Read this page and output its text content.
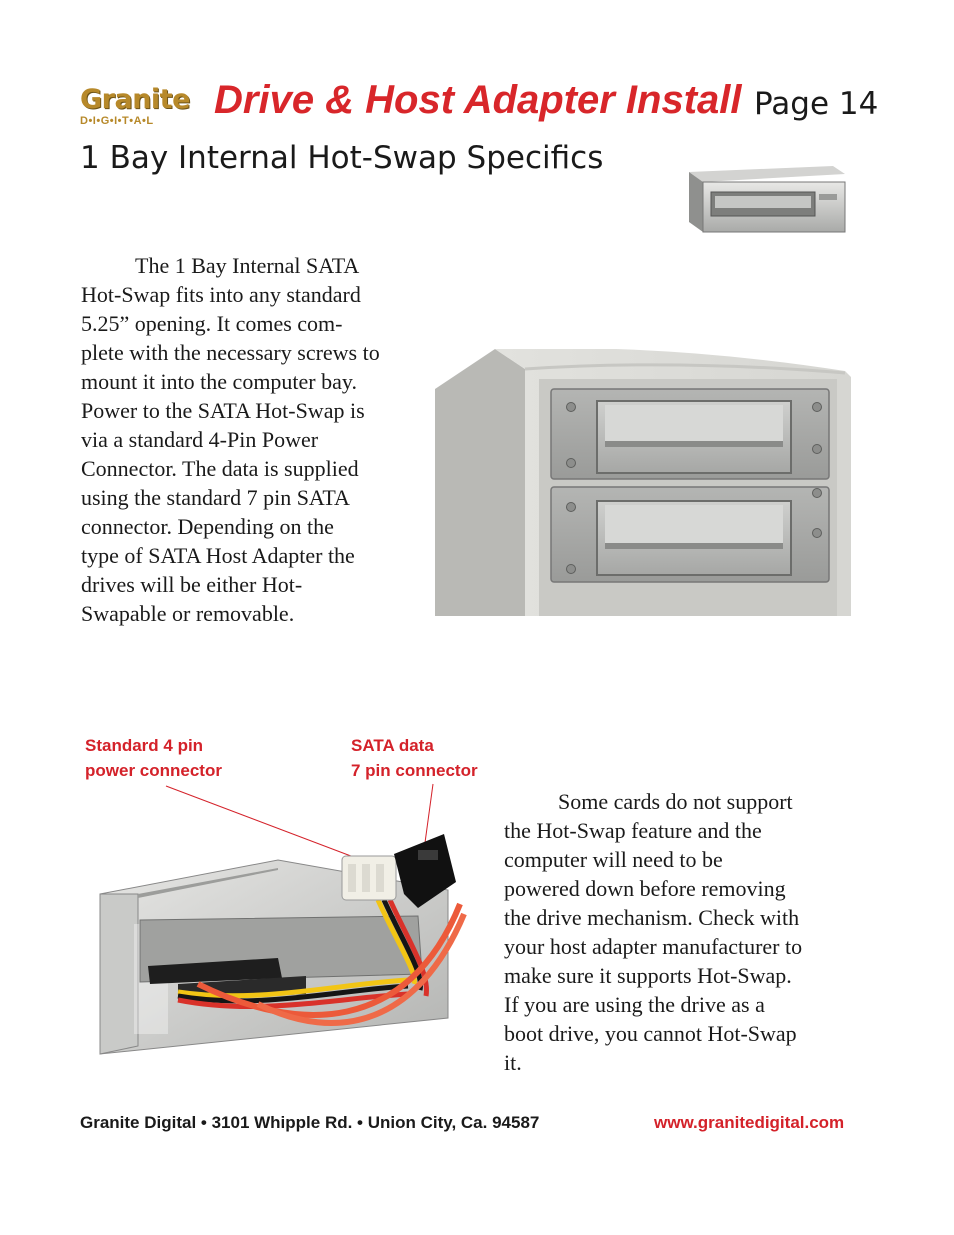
Granite
D•I•G•I•T•A•L	Drive & Host Adapter Install Page 14
1 Bay Internal Hot-Swap Specifics
The 1 Bay Internal SATA
Hot-Swap fits into any standard
5.25” opening. It comes com-
plete with the necessary screws to
mount it into the computer bay.
Power to the SATA Hot-Swap is
via a standard 4-Pin Power
Connector. The data is supplied
using the standard 7 pin SATA
connector. Depending on the
type of SATA Host Adapter the
drives will be either Hot-
Swapable or removable.
Standard 4 pin
power connector
SATA data
7 pin connector
Some cards do not support
the Hot-Swap feature and the
computer will need to be
powered down before removing
the drive mechanism. Check with
your host adapter manufacturer to
make sure it supports Hot-Swap.
If you are using the drive as a
boot drive, you cannot Hot-Swap
it.
Granite Digital • 3101 Whipple Rd. • Union City, Ca. 94587	www.granitedigital.com
